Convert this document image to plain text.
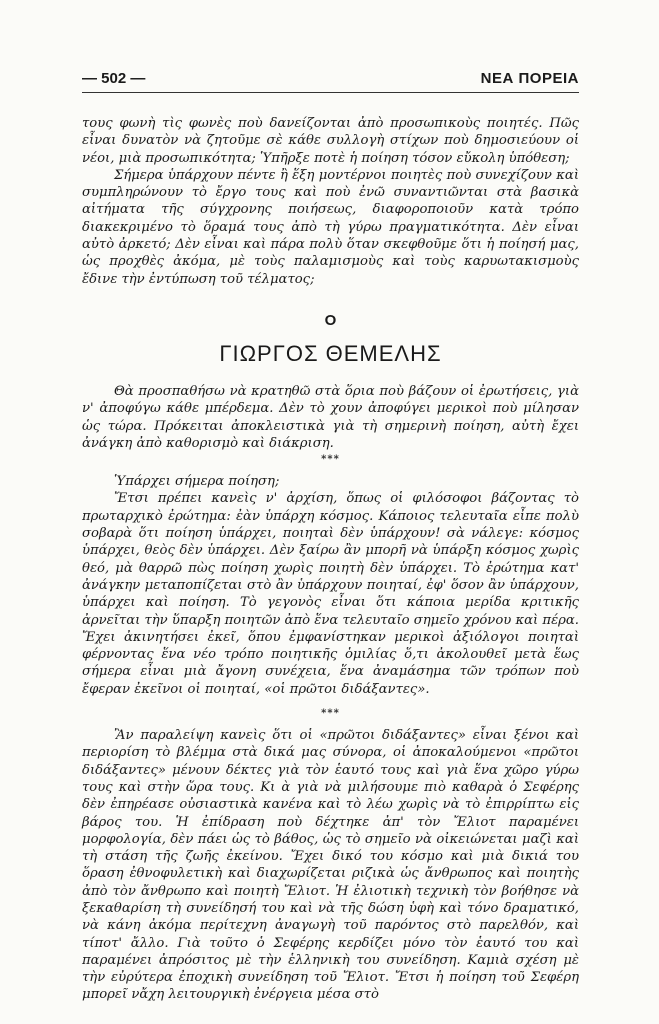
— 502 —	ΝΕΑ ΠΟΡΕΙΑ

τους φωνὴ τὶς φωνὲς ποὺ δανείζονται ἀπὸ προσωπικοὺς ποιητές. Πῶς εἶναι δυνατὸν νὰ ζητοῦμε σὲ κάθε συλλογὴ στίχων ποὺ δημοσιεύουν οἱ νέοι, μιὰ προσωπικότητα; Ὑπῆρξε ποτὲ ἡ ποίηση τόσον εὔκολη ὑπόθεση;

Σήμερα ὑπάρχουν πέντε ἢ ἕξη μοντέρνοι ποιητὲς ποὺ συνεχίζουν καὶ συμπληρώνουν τὸ ἔργο τους καὶ ποὺ ἐνῶ συναντιῶνται στὰ βασικὰ αἰτήματα τῆς σύγχρονης ποιήσεως, διαφοροποιοῦν κατὰ τρόπο διακεκριμένο τὸ ὅραμά τους ἀπὸ τὴ γύρω πραγματικότητα. Δὲν εἶναι αὐτὸ ἀρκετό; Δὲν εἶναι καὶ πάρα πολὺ ὅταν σκεφθοῦμε ὅτι ἡ ποίησή μας, ὡς προχθὲς ἀκόμα, μὲ τοὺς παλαμισμοὺς καὶ τοὺς καρυωτακισμοὺς ἔδινε τὴν ἐντύπωση τοῦ τέλματος;

Ο
ΓΙΩΡΓΟΣ ΘΕΜΕΛΗΣ

Θὰ προσπαθήσω νὰ κρατηθῶ στὰ ὅρια ποὺ βάζουν οἱ ἐρωτήσεις, γιὰ ν' ἀποφύγω κάθε μπέρδεμα. Δὲν τὸ χουν ἀποφύγει μερικοὶ ποὺ μίλησαν ὡς τώρα. Πρόκειται ἀποκλειστικὰ γιὰ τὴ σημερινὴ ποίηση, αὐτὴ ἔχει ἀνάγκη ἀπὸ καθορισμὸ καὶ διάκριση.

***

Ὑπάρχει σήμερα ποίηση;

Ἔτσι πρέπει κανεὶς ν' ἀρχίση, ὅπως οἱ φιλόσοφοι βάζοντας τὸ πρωταρχικὸ ἐρώτημα: ἐὰν ὑπάρχη κόσμος. Κάποιος τελευταῖα εἶπε πολὺ σοβαρὰ ὅτι ποίηση ὑπάρχει, ποιηταὶ δὲν ὑπάρχουν! σὰ νάλεγε: κόσμος ὑπάρχει, θεὸς δὲν ὑπάρχει. Δὲν ξαίρω ἂν μπορῆ νὰ ὑπάρξη κόσμος χωρὶς θεό, μὰ θαρρῶ πὼς ποίηση χωρὶς ποιητὴ δὲν ὑπάρχει. Τὸ ἐρώτημα κατ' ἀνάγκην μεταποπίζεται στὸ ἂν ὑπάρχουν ποιηταί, ἐφ' ὅσον ἂν ὑπάρχουν, ὑπάρχει καὶ ποίηση. Τὸ γεγονὸς εἶναι ὅτι κάποια μερίδα κριτικῆς ἀρνεῖται τὴν ὕπαρξη ποιητῶν ἀπὸ ἕνα τελευταῖο σημεῖο χρόνου καὶ πέρα. Ἔχει ἀκινητήσει ἐκεῖ, ὅπου ἐμφανίστηκαν μερικοὶ ἀξιόλογοι ποιηταὶ φέρνοντας ἕνα νέο τρόπο ποιητικῆς ὁμιλίας ὅ,τι ἀκολουθεῖ μετὰ ἕως σήμερα εἶναι μιὰ ἄγονη συνέχεια, ἕνα ἀναμάσημα τῶν τρόπων ποὺ ἔφεραν ἐκεῖνοι οἱ ποιηταί, «οἱ πρῶτοι διδάξαντες».

***

Ἂν παραλείψη κανεὶς ὅτι οἱ «πρῶτοι διδάξαντες» εἶναι ξένοι καὶ περιορίση τὸ βλέμμα στὰ δικά μας σύνορα, οἱ ἀποκαλούμενοι «πρῶτοι διδάξαντες» μένουν δέκτες γιὰ τὸν ἑαυτό τους καὶ γιὰ ἕνα χῶρο γύρω τους καὶ στὴν ὥρα τους. Κι ὰ γιὰ νὰ μιλήσουμε πιὸ καθαρὰ ὁ Σεφέρης δὲν ἐπηρέασε οὐσιαστικὰ κανένα καὶ τὸ λέω χωρὶς νὰ τὸ ἐπιρρίπτω εἰς βάρος του. Ἡ ἐπίδραση ποὺ δέχτηκε ἀπ' τὸν Ἔλιοτ παραμένει μορφολογία, δὲν πάει ὡς τὸ βάθος, ὡς τὸ σημεῖο νὰ οἰκειώνεται μαζὶ καὶ τὴ στάση τῆς ζωῆς ἐκείνου. Ἔχει δικό του κόσμο καὶ μιὰ δικιά του ὅραση ἐθνοφυλετικὴ καὶ διαχωρίζεται ριζικὰ ὡς ἄνθρωπος καὶ ποιητὴς ἀπὸ τὸν ἄνθρωπο καὶ ποιητὴ Ἔλιοτ. Ἡ ἐλιοτικὴ τεχνικὴ τὸν βοήθησε νὰ ξεκαθαρίση τὴ συνείδησή του καὶ νὰ τῆς δώση ὑφὴ καὶ τόνο δραματικό, νὰ κάνη ἀκόμα περίτεχνη ἀναγωγὴ τοῦ παρόντος στὸ παρελθόν, καὶ τίποτ' ἄλλο. Γιὰ τοῦτο ὁ Σεφέρης κερδίζει μόνο τὸν ἑαυτό του καὶ παραμένει ἀπρόσιτος μὲ τὴν ἑλληνικὴ του συνείδηση. Καμιὰ σχέση μὲ τὴν εὐρύτερα ἐποχικὴ συνείδηση τοῦ Ἔλιοτ. Ἔτσι ἡ ποίηση τοῦ Σεφέρη μπορεῖ νἄχη λειτουργικὴ ἐνέργεια μέσα στὸ
